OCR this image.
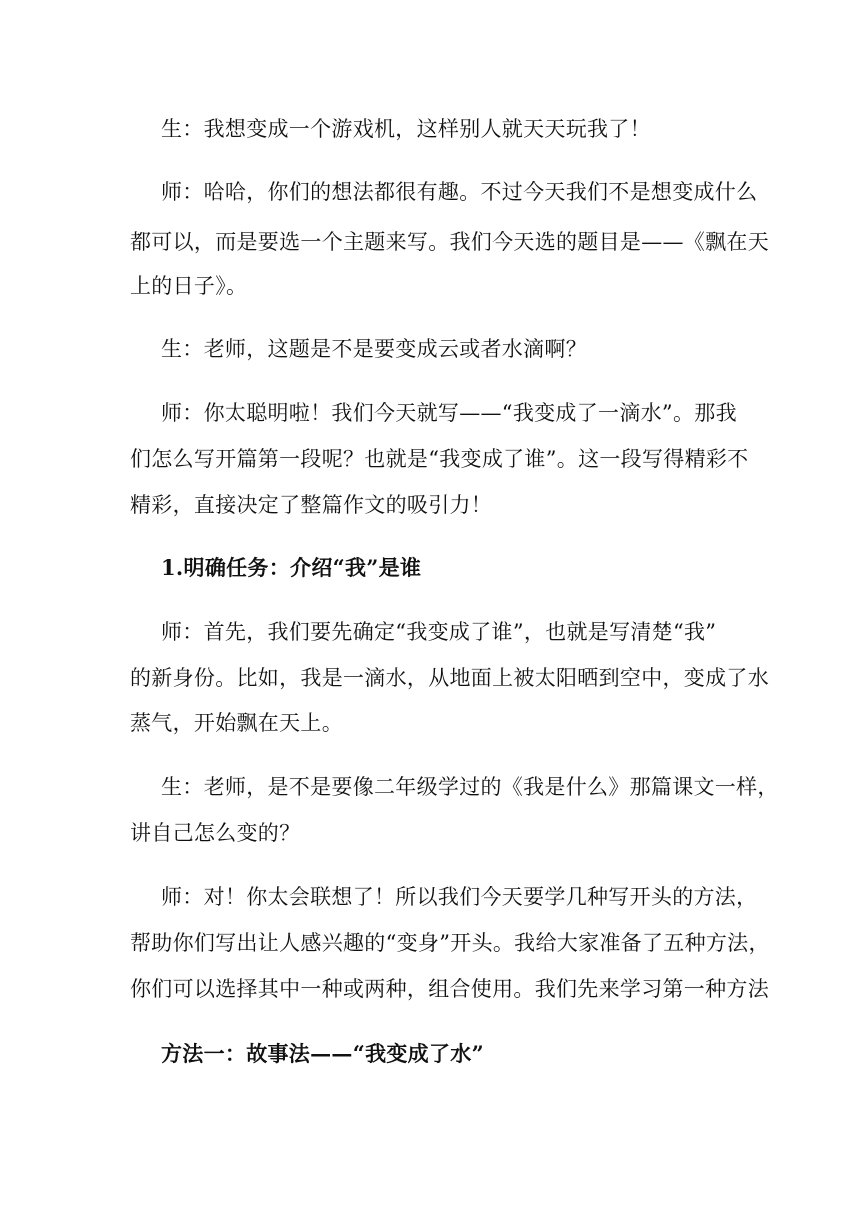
生：我想变成一个游戏机，这样别人就天天玩我了！
师：哈哈，你们的想法都很有趣。不过今天我们不是想变成什么
都可以，而是要选一个主题来写。我们今天选的题目是——《飘在天
上的日子》。
生：老师，这题是不是要变成云或者水滴啊？
师：你太聪明啦！我们今天就写——“我变成了一滴水”。那我
们怎么写开篇第一段呢？也就是“我变成了谁”。这一段写得精彩不
精彩，直接决定了整篇作文的吸引力！
1.明确任务：介绍“我”是谁
师：首先，我们要先确定“我变成了谁”，也就是写清楚“我”
的新身份。比如，我是一滴水，从地面上被太阳晒到空中，变成了水
蒸气，开始飘在天上。
生：老师，是不是要像二年级学过的《我是什么》那篇课文一样，
讲自己怎么变的？
师：对！你太会联想了！所以我们今天要学几种写开头的方法，
帮助你们写出让人感兴趣的“变身”开头。我给大家准备了五种方法，
你们可以选择其中一种或两种，组合使用。我们先来学习第一种方法
方法一：故事法——“我变成了水”
